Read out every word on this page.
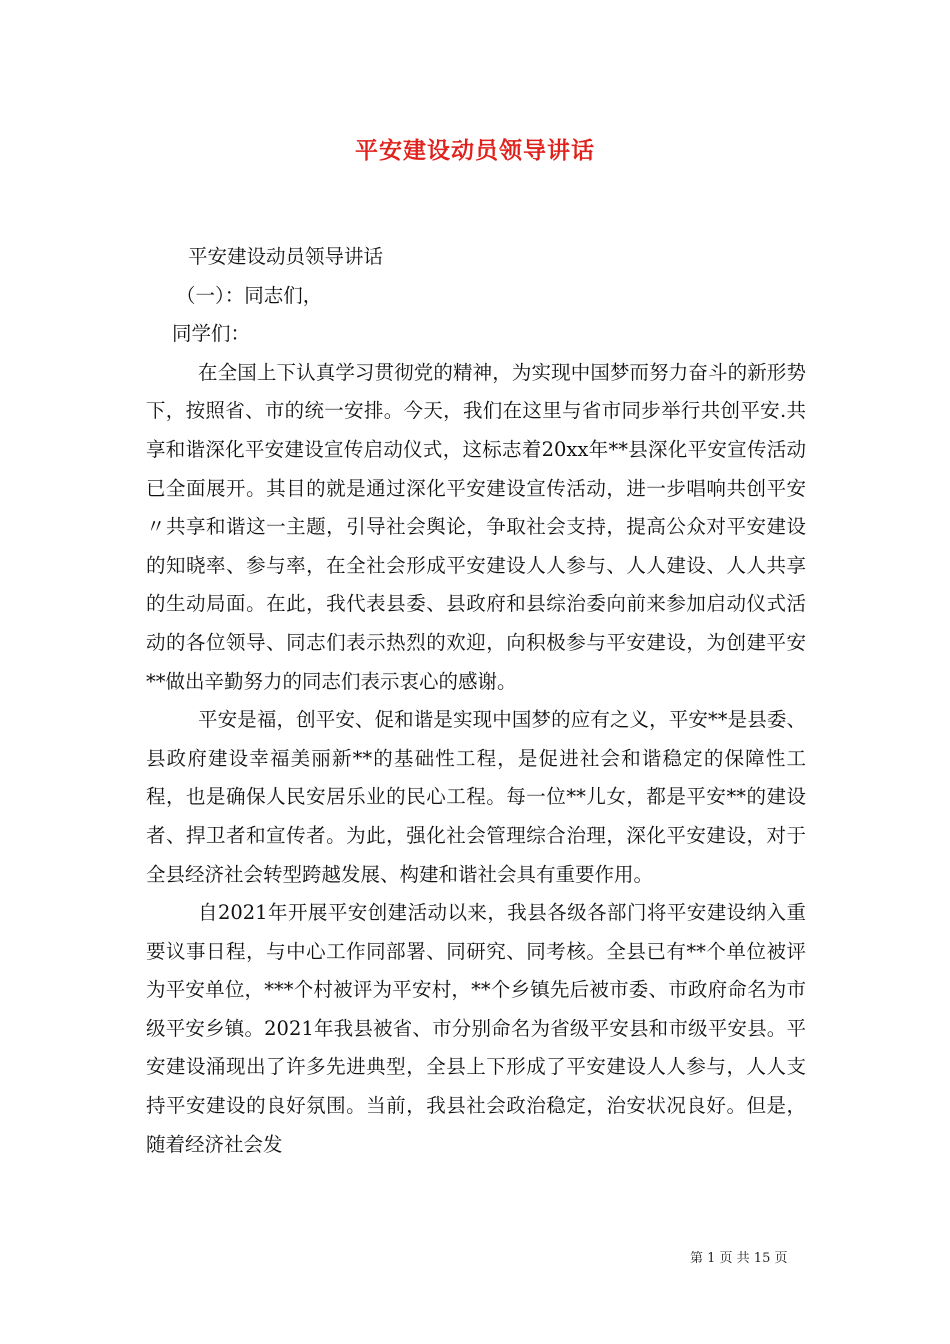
平安建设动员领导讲话

平安建设动员领导讲话

（一）：同志们，

同学们：

在全国上下认真学习贯彻党的精神，为实现中国梦而努力奋斗的新形势下，按照省、市的统一安排。今天，我们在这里与省市同步举行共创平安.共享和谐深化平安建设宣传启动仪式，这标志着20xx年**县深化平安宣传活动已全面展开。其目的就是通过深化平安建设宣传活动，进一步唱响共创平安〃共享和谐这一主题，引导社会舆论，争取社会支持，提高公众对平安建设的知晓率、参与率，在全社会形成平安建设人人参与、人人建设、人人共享的生动局面。在此，我代表县委、县政府和县综治委向前来参加启动仪式活动的各位领导、同志们表示热烈的欢迎，向积极参与平安建设，为创建平安**做出辛勤努力的同志们表示衷心的感谢。

平安是福，创平安、促和谐是实现中国梦的应有之义，平安**是县委、县政府建设幸福美丽新**的基础性工程，是促进社会和谐稳定的保障性工程，也是确保人民安居乐业的民心工程。每一位**儿女，都是平安**的建设者、捍卫者和宣传者。为此，强化社会管理综合治理，深化平安建设，对于全县经济社会转型跨越发展、构建和谐社会具有重要作用。

自2021年开展平安创建活动以来，我县各级各部门将平安建设纳入重要议事日程，与中心工作同部署、同研究、同考核。全县已有**个单位被评为平安单位，***个村被评为平安村，**个乡镇先后被市委、市政府命名为市级平安乡镇。2021年我县被省、市分别命名为省级平安县和市级平安县。平安建设涌现出了许多先进典型，全县上下形成了平安建设人人参与，人人支持平安建设的良好氛围。当前，我县社会政治稳定，治安状况良好。但是，随着经济社会发

第 1 页 共 15 页
